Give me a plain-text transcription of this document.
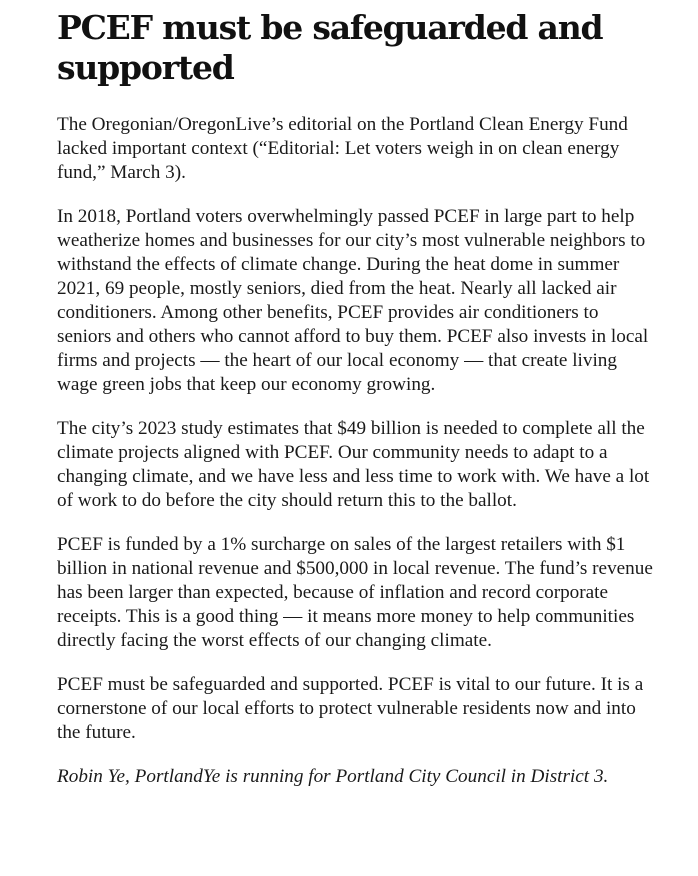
PCEF must be safeguarded and supported

The Oregonian/OregonLive’s editorial on the Portland Clean Energy Fund lacked important context (“Editorial: Let voters weigh in on clean energy fund,” March 3).

In 2018, Portland voters overwhelmingly passed PCEF in large part to help weatherize homes and businesses for our city’s most vulnerable neighbors to withstand the effects of climate change. During the heat dome in summer 2021, 69 people, mostly seniors, died from the heat. Nearly all lacked air conditioners. Among other benefits, PCEF provides air conditioners to seniors and others who cannot afford to buy them. PCEF also invests in local firms and projects — the heart of our local economy — that create living wage green jobs that keep our economy growing.

The city’s 2023 study estimates that $49 billion is needed to complete all the climate projects aligned with PCEF. Our community needs to adapt to a changing climate, and we have less and less time to work with. We have a lot of work to do before the city should return this to the ballot.

PCEF is funded by a 1% surcharge on sales of the largest retailers with $1 billion in national revenue and $500,000 in local revenue. The fund’s revenue has been larger than expected, because of inflation and record corporate receipts. This is a good thing — it means more money to help communities directly facing the worst effects of our changing climate.

PCEF must be safeguarded and supported. PCEF is vital to our future. It is a cornerstone of our local efforts to protect vulnerable residents now and into the future.

Robin Ye, PortlandYe is running for Portland City Council in District 3.
